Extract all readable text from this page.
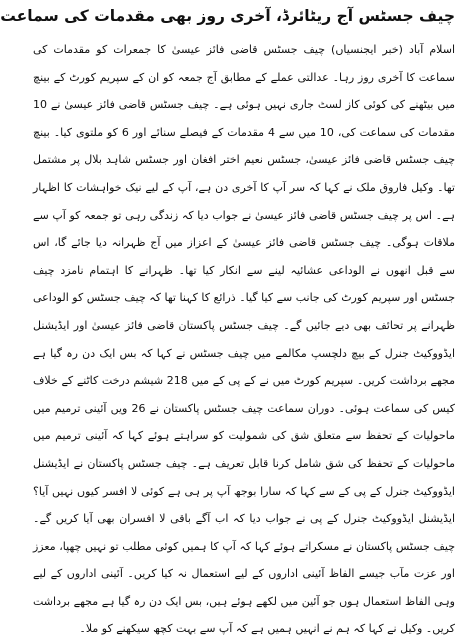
چیف جسٹس آج ریٹائرڈ، آخری روز بھی مقدمات کی سماعت

اسلام آباد (خبر ایجنسیاں) چیف جسٹس قاضی فائز عیسیٰ کا جمعرات کو مقدمات کی سماعت کا آخری روز رہا۔ عدالتی عملے کے مطابق آج جمعہ کو ان کے سپریم کورٹ کے بینچ میں بیٹھنے کی کوئی کاز لسٹ جاری نہیں ہوئی ہے۔ چیف جسٹس قاضی فائز عیسیٰ نے 10 مقدمات کی سماعت کی، 10 میں سے 4 مقدمات کے فیصلے سنائے اور 6 کو ملتوی کیا۔ بینچ چیف جسٹس قاضی فائز عیسیٰ، جسٹس نعیم اختر افغان اور جسٹس شاہد بلال پر مشتمل تھا۔ وکیل فاروق ملک نے کہا کہ سر آپ کا آخری دن ہے، آپ کے لیے نیک خواہشات کا اظہار ہے۔ اس پر چیف جسٹس قاضی فائز عیسیٰ نے جواب دیا کہ زندگی رہی تو جمعہ کو آپ سے ملاقات ہوگی۔ چیف جسٹس قاضی فائز عیسیٰ کے اعزاز میں آج ظہرانہ دیا جائے گا، اس سے قبل انھوں نے الوداعی عشائیہ لینے سے انکار کیا تھا۔ ظہرانے کا اہتمام نامزد چیف جسٹس اور سپریم کورٹ کی جانب سے کیا گیا۔ ذرائع کا کہنا تھا کہ چیف جسٹس کو الوداعی ظہرانے پر تحائف بھی دیے جائیں گے۔ چیف جسٹس پاکستان قاضی فائز عیسیٰ اور ایڈیشنل ایڈووکیٹ جنرل کے بیچ دلچسپ مکالمے میں چیف جسٹس نے کہا کہ بس ایک دن رہ گیا ہے مجھے برداشت کریں۔ سپریم کورٹ میں نے کے پی کے میں 218 شیشم درخت کاٹنے کے خلاف کیس کی سماعت ہوئی۔ دوران سماعت چیف جسٹس پاکستان نے 26 ویں آئینی ترمیم میں ماحولیات کے تحفظ سے متعلق شق کی شمولیت کو سراہتے ہوئے کہا کہ آئینی ترمیم میں ماحولیات کے تحفظ کی شق شامل کرنا قابل تعریف ہے۔ چیف جسٹس پاکستان نے ایڈیشنل ایڈووکیٹ جنرل کے پی کے سے کہا کہ سارا بوجھ آپ پر ہی ہے کوئی لا افسر کیوں نہیں آیا؟ ایڈیشنل ایڈووکیٹ جنرل کے پی نے جواب دیا کہ اب آگے باقی لا افسران بھی آیا کریں گے۔ چیف جسٹس پاکستان نے مسکراتے ہوئے کہا کہ آپ کا ہمیں کوئی مطلب تو نہیں چھپا، معزز اور عزت مآب جیسے الفاظ آئینی اداروں کے لیے استعمال نہ کیا کریں۔ آئینی اداروں کے لیے وہی الفاظ استعمال ہوں جو آئین میں لکھے ہوئے ہیں، بس ایک دن رہ گیا ہے مجھے برداشت کریں۔ وکیل نے کہا کہ ہم نے انہیں ہمیں ہے کہ آپ سے بہت کچھ سیکھنے کو ملا۔
